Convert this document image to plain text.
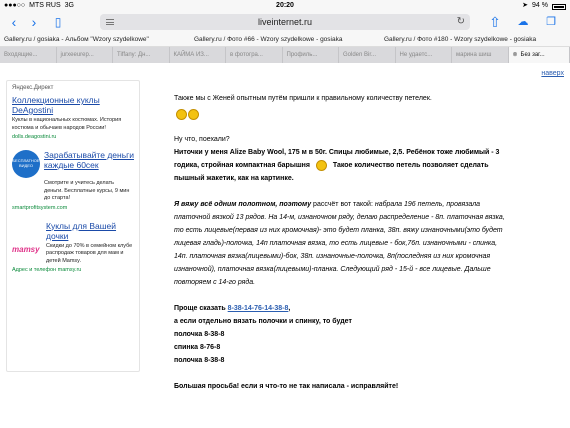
●●●○○ MTS RUS 3G	20:20	➤ 94 %
‹	›	▯	liveinternet.ru	↻ ⇧ ☁ ❐
Gallery.ru / gosiaka - Альбом "Wzory szydelkowe"	Gallery.ru / Фото #66 - Wzory szydelkowe - gosiaka	Gallery.ru / Фото #180 - Wzory szydelkowe - gosiaka
Входящие...	jurxeeurep...	Tiffany: Дн...	КАЙМА ИЗ...	в фотогра...	Профиль...	Golden Bir...	Не удаетс...	марина шиш	⊗ Без заг...
наверх
Яндекс.Директ
Коллекционные куклы DeAgostini
Куклы в национальных костюмах. История костюма и обычаев народов России!
dolls.deagostini.ru
БЕСПЛАТНОЕ ВИДЕО
Зарабатывайте деньги каждые 60сек
Смотрите и учитесь делать деньги. Бесплатные курсы, 9 мин до старта!
smartprofitsystem.com
Куклы для Вашей дочки
mamsy	Скидки до 70% в семейном клубе распродаж товаров для мам и детей Mamsy.
Адрес и телефон mamsy.ru

Также мы с Женей опытным путём пришли к правильному количеству петелек.

Ну что, поехали?

Ниточки у меня Alize Baby Wool, 175 м в 50г. Спицы любимые, 2,5. Ребёнок тоже любимый - 3 годика, стройная компактная барышня	Такое количество петель позволяет сделать пышный жакетик, как на картинке.

Я вяжу всё одним полотном, поэтому рассчёт вот такой: набрала 196 петель, провязала платочной вязкой 13 рядов. На 14-м, изнаночном ряду, делаю распределение - 8п. платочная вязка, то есть лицевые(первая из них кромочная)- это будет планка, 38п. вяжу изнаночными(это будет лицевая гладь)-полочка, 14п платочная вязка, то есть лицевые - бок,76п. изнаночными - спинка, 14п. платочная вязка(лицевыми)-бок, 38п. изнаночные-полочка, 8п(последняя из них кромочная изнаночной), платочная вязка(лицевыми)-планка. Следующий ряд - 15-й - все лицевые. Дальше повторяем с 14-го ряда.

Проще сказать 8-38-14-76-14-38-8,

а если отдельно вязать полочки и спинку, то будет

полочка 8-38-8

спинка 8-76-8

полочка 8-38-8

Большая просьба! если я что-то не так написала - исправляйте!
